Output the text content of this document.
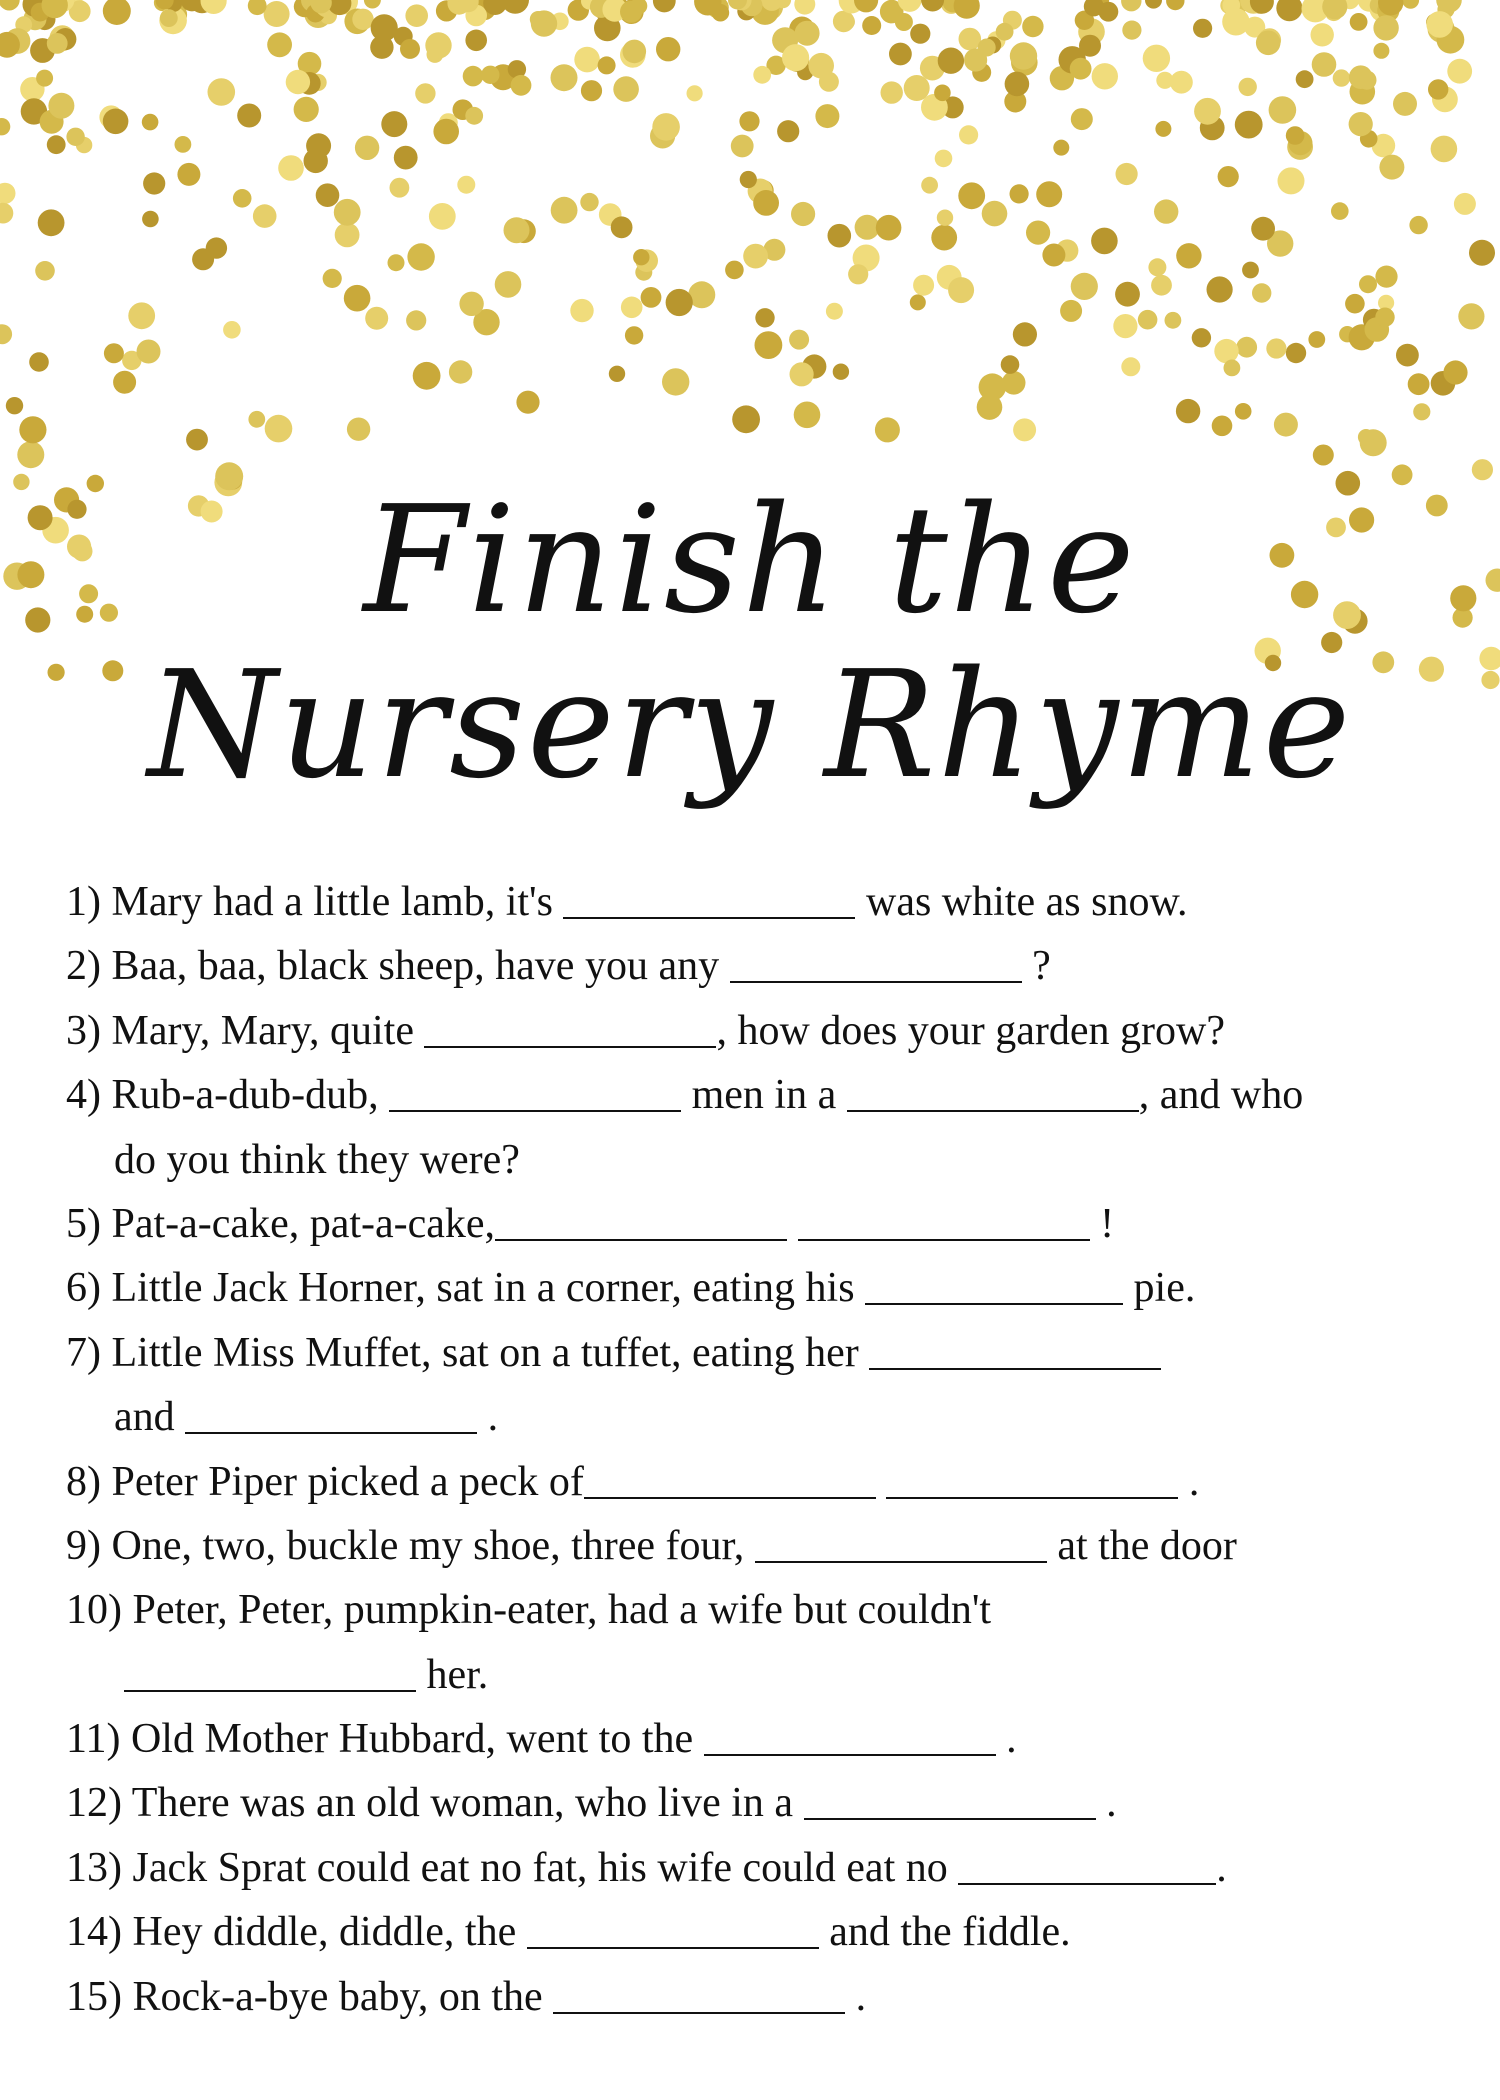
Finish the
Nursery Rhyme
1) Mary had a little lamb, it's	was white as snow.
2) Baa, baa, black sheep, have you any	?
3) Mary, Mary, quite	, how does your garden grow?
4) Rub-a-dub-dub,	men in a	, and who
do you think they were?
5) Pat-a-cake, pat-a-cake,	!
6) Little Jack Horner, sat in a corner, eating his	pie.
7) Little Miss Muffet, sat on a tuffet, eating her
and	.
8) Peter Piper picked a peck of	.
9) One, two, buckle my shoe, three four,	at the door
10) Peter, Peter, pumpkin-eater, had a wife but couldn't
her.
11) Old Mother Hubbard, went to the	.
12) There was an old woman, who live in a	.
13) Jack Sprat could eat no fat, his wife could eat no	.
14) Hey diddle, diddle, the	and the fiddle.
15) Rock-a-bye baby, on the	.
